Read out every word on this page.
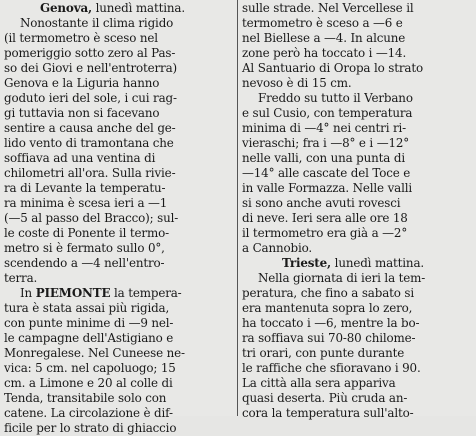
Genova, lunedì mattina.
Nonostante il clima rigido
(il termometro è sceso nel
pomeriggio sotto zero al Pas-
so dei Giovi e nell'entroterra)
Genova e la Liguria hanno
goduto ieri del sole, i cui rag-
gi tuttavia non si facevano
sentire a causa anche del ge-
lido vento di tramontana che
soffiava ad una ventina di
chilometri all'ora. Sulla rivie-
ra di Levante la temperatu-
ra minima è scesa ieri a —1
(—5 al passo del Bracco); sul-
le coste di Ponente il termo-
metro si è fermato sullo 0°,
scendendo a —4 nell'entro-
terra.
In PIEMONTE la tempera-
tura è stata assai più rigida,
con punte minime di —9 nel-
le campagne dell'Astigiano e
Monregalese. Nel Cuneese ne-
vica: 5 cm. nel capoluogo; 15
cm. a Limone e 20 al colle di
Tenda, transitabile solo con
catene. La circolazione è dif-
ficile per lo strato di ghiaccio
sulle strade. Nel Vercellese il
termometro è sceso a —6 e
nel Biellese a —4. In alcune
zone però ha toccato i —14.
Al Santuario di Oropa lo strato
nevoso è di 15 cm.
Freddo su tutto il Verbano
e sul Cusio, con temperatura
minima di —4° nei centri ri-
vieraschi; fra i —8° e i —12°
nelle valli, con una punta di
—14° alle cascate del Toce e
in valle Formazza. Nelle valli
si sono anche avuti rovesci
di neve. Ieri sera alle ore 18
il termometro era già a —2°
a Cannobio.
Trieste, lunedì mattina.
Nella giornata di ieri la tem-
peratura, che fino a sabato si
era mantenuta sopra lo zero,
ha toccato i —6, mentre la bo-
ra soffiava sui 70-80 chilome-
tri orari, con punte durante
le raffiche che sfioravano i 90.
La città alla sera appariva
quasi deserta. Più cruda an-
cora la temperatura sull'alto-
